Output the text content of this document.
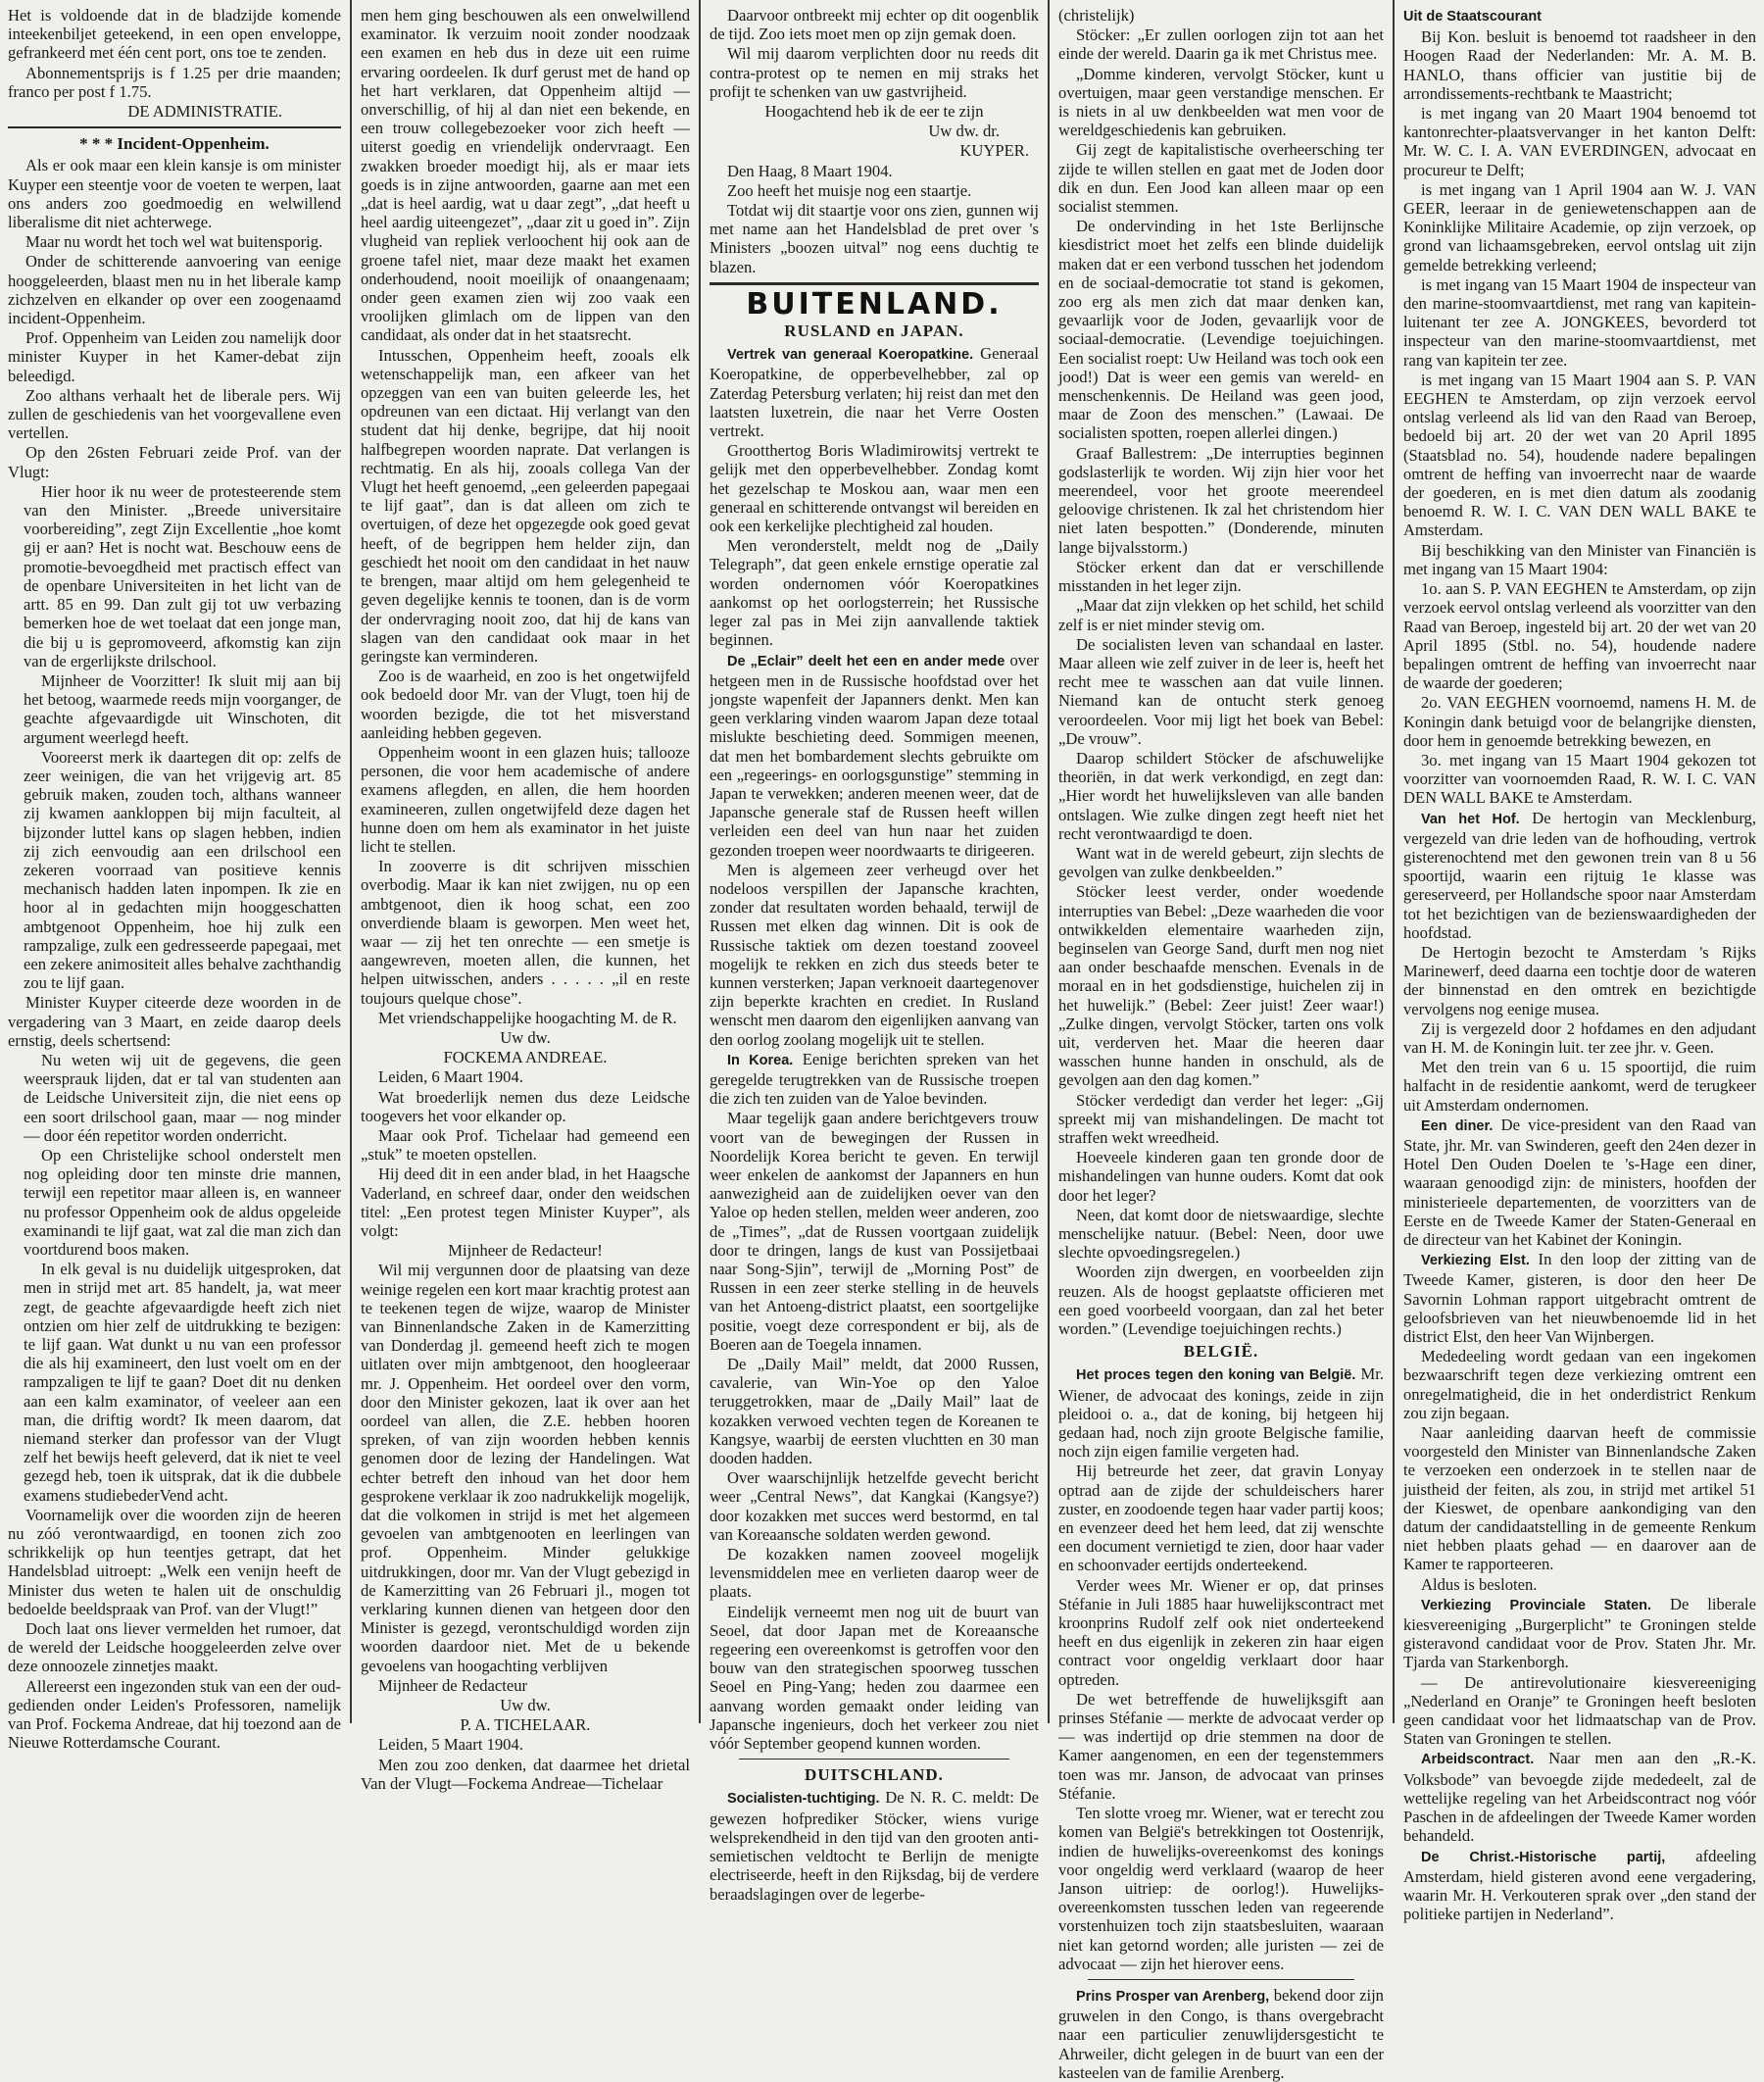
Het is voldoende dat in de bladzijde komende inteekenbiljet geteekend, in een open enveloppe, gefrankeerd met één cent port, ons toe te zenden.

Abonnementsprijs is f 1.25 per drie maanden; franco per post f 1.75.

DE ADMINISTRATIE.

* * * Incident-Oppenheim.

Als er ook maar een klein kansje is om minister Kuyper een steentje voor de voeten te werpen, laat ons anders zoo goedmoedig en welwillend liberalisme dit niet achterwege.

Maar nu wordt het toch wel wat buitensporig.

Onder de schitterende aanvoering van eenige hooggeleerden, blaast men nu in het liberale kamp zichzelven en elkander op over een zoogenaamd incident-Oppenheim.

Prof. Oppenheim van Leiden zou namelijk door minister Kuyper in het Kamer-debat zijn beleedigd.

Zoo althans verhaalt het de liberale pers. Wij zullen de geschiedenis van het voorgevallene even vertellen.

Op den 26sten Februari zeide Prof. van der Vlugt:

Hier hoor ik nu weer de protesteerende stem van den Minister. „Breede universitaire voorbereiding”, zegt Zijn Excellentie „hoe komt gij er aan? Het is nocht wat. Beschouw eens de promotie-bevoegdheid met practisch effect van de openbare Universiteiten in het licht van de artt. 85 en 99. Dan zult gij tot uw verbazing bemerken hoe de wet toelaat dat een jonge man, die bij u is gepromoveerd, afkomstig kan zijn van de ergerlijkste drilschool.

Mijnheer de Voorzitter! Ik sluit mij aan bij het betoog, waarmede reeds mijn voorganger, de geachte afgevaardigde uit Winschoten, dit argument weerlegd heeft.

Vooreerst merk ik daartegen dit op: zelfs de zeer weinigen, die van het vrijgevig art. 85 gebruik maken, zouden toch, althans wanneer zij kwamen aankloppen bij mijn faculteit, al bijzonder luttel kans op slagen hebben, indien zij zich eenvoudig aan een drilschool een zekeren voorraad van positieve kennis mechanisch hadden laten inpompen. Ik zie en hoor al in gedachten mijn hooggeschatten ambtgenoot Oppenheim, hoe hij zulk een rampzalige, zulk een gedresseerde papegaai, met een zekere animositeit alles behalve zachthandig zou te lijf gaan.

Minister Kuyper citeerde deze woorden in de vergadering van 3 Maart, en zeide daarop deels ernstig, deels schertsend:

Nu weten wij uit de gegevens, die geen weersprauk lijden, dat er tal van studenten aan de Leidsche Universiteit zijn, die niet eens op een soort drilschool gaan, maar — nog minder — door één repetitor worden onderricht.

Op een Christelijke school onderstelt men nog opleiding door ten minste drie mannen, terwijl een repetitor maar alleen is, en wanneer nu professor Oppenheim ook de aldus opgeleide examinandi te lijf gaat, wat zal die man zich dan voortdurend boos maken.

In elk geval is nu duidelijk uitgesproken, dat men in strijd met art. 85 handelt, ja, wat meer zegt, de geachte afgevaardigde heeft zich niet ontzien om hier zelf de uitdrukking te bezigen: te lijf gaan. Wat dunkt u nu van een professor die als hij examineert, den lust voelt om en der rampzaligen te lijf te gaan? Doet dit nu denken aan een kalm examinator, of veeleer aan een man, die driftig wordt? Ik meen daarom, dat niemand sterker dan professor van der Vlugt zelf het bewijs heeft geleverd, dat ik niet te veel gezegd heb, toen ik uitsprak, dat ik die dubbele examens studiebederVend acht.

Voornamelijk over die woorden zijn de heeren nu zóó verontwaardigd, en toonen zich zoo schrikkelijk op hun teentjes getrapt, dat het Handelsblad uitroept: „Welk een venijn heeft de Minister dus weten te halen uit de onschuldig bedoelde beeldspraak van Prof. van der Vlugt!”

Doch laat ons liever vermelden het rumoer, dat de wereld der Leidsche hooggeleerden zelve over deze onnoozele zinnetjes maakt.

Allereerst een ingezonden stuk van een der oud-gedienden onder Leiden's Professoren, namelijk van Prof. Fockema Andreae, dat hij toezond aan de Nieuwe Rotterdamsche Courant.

men hem ging beschouwen als een onwelwillend examinator. Ik verzuim nooit zonder noodzaak een examen en heb dus in deze uit een ruime ervaring oordeelen. Ik durf gerust met de hand op het hart verklaren, dat Oppenheim altijd — onverschillig, of hij al dan niet een bekende, en een trouw collegebezoeker voor zich heeft — uiterst goedig en vriendelijk ondervraagt. Een zwakken broeder moedigt hij, als er maar iets goeds is in zijne antwoorden, gaarne aan met een „dat is heel aardig, wat u daar zegt”, „dat heeft u heel aardig uiteengezet”, „daar zit u goed in”. Zijn vlugheid van repliek verloochent hij ook aan de groene tafel niet, maar deze maakt het examen onderhoudend, nooit moeilijk of onaangenaam; onder geen examen zien wij zoo vaak een vroolijken glimlach om de lippen van den candidaat, als onder dat in het staatsrecht.

Intusschen, Oppenheim heeft, zooals elk wetenschappelijk man, een afkeer van het opzeggen van een van buiten geleerde les, het opdreunen van een dictaat. Hij verlangt van den student dat hij denke, begrijpe, dat hij nooit halfbegrepen woorden naprate. Dat verlangen is rechtmatig. En als hij, zooals collega Van der Vlugt het heeft genoemd, „een geleerden papegaai te lijf gaat”, dan is dat alleen om zich te overtuigen, of deze het opgezegde ook goed gevat heeft, of de begrippen hem helder zijn, dan geschiedt het nooit om den candidaat in het nauw te brengen, maar altijd om hem gelegenheid te geven degelijke kennis te toonen, dan is de vorm der ondervraging nooit zoo, dat hij de kans van slagen van den candidaat ook maar in het geringste kan verminderen.

Zoo is de waarheid, en zoo is het ongetwijfeld ook bedoeld door Mr. van der Vlugt, toen hij de woorden bezigde, die tot het misverstand aanleiding hebben gegeven.

Oppenheim woont in een glazen huis; tallooze personen, die voor hem academische of andere examens aflegden, en allen, die hem hoorden examineeren, zullen ongetwijfeld deze dagen het hunne doen om hem als examinator in het juiste licht te stellen.

In zooverre is dit schrijven misschien overbodig. Maar ik kan niet zwijgen, nu op een ambtgenoot, dien ik hoog schat, een zoo onverdiende blaam is geworpen. Men weet het, waar — zij het ten onrechte — een smetje is aangewreven, moeten allen, die kunnen, het helpen uitwisschen, anders . . . . . „il en reste toujours quelque chose”.

Met vriendschappelijke hoogachting M. de R.

Uw dw.

FOCKEMA ANDREAE.

Leiden, 6 Maart 1904.

Wat broederlijk nemen dus deze Leidsche toogevers het voor elkander op.

Maar ook Prof. Tichelaar had gemeend een „stuk” te moeten opstellen.

Hij deed dit in een ander blad, in het Haagsche Vaderland, en schreef daar, onder den weidschen titel: „Een protest tegen Minister Kuyper”, als volgt:

Mijnheer de Redacteur!

Wil mij vergunnen door de plaatsing van deze weinige regelen een kort maar krachtig protest aan te teekenen tegen de wijze, waarop de Minister van Binnenlandsche Zaken in de Kamerzitting van Donderdag jl. gemeend heeft zich te mogen uitlaten over mijn ambtgenoot, den hoogleeraar mr. J. Oppenheim. Het oordeel over den vorm, door den Minister gekozen, laat ik over aan het oordeel van allen, die Z.E. hebben hooren spreken, of van zijn woorden hebben kennis genomen door de lezing der Handelingen. Wat echter betreft den inhoud van het door hem gesprokene verklaar ik zoo nadrukkelijk mogelijk, dat die volkomen in strijd is met het algemeen gevoelen van ambtgenooten en leerlingen van prof. Oppenheim. Minder gelukkige uitdrukkingen, door mr. Van der Vlugt gebezigd in de Kamerzitting van 26 Februari jl., mogen tot verklaring kunnen dienen van hetgeen door den Minister is gezegd, verontschuldigd worden zijn woorden daardoor niet. Met de u bekende gevoelens van hoogachting verblijven

Mijnheer de Redacteur

Uw dw.

P. A. TICHELAAR.

Leiden, 5 Maart 1904.

Men zou zoo denken, dat daarmee het drietal Van der Vlugt—Fockema Andreae—Tichelaar

Daarvoor ontbreekt mij echter op dit oogenblik de tijd. Zoo iets moet men op zijn gemak doen.

Wil mij daarom verplichten door nu reeds dit contra-protest op te nemen en mij straks het profijt te schenken van uw gastvrijheid.

Hoogachtend heb ik de eer te zijn

Uw dw. dr.

KUYPER.

Den Haag, 8 Maart 1904.

Zoo heeft het muisje nog een staartje.

Totdat wij dit staartje voor ons zien, gunnen wij met name aan het Handelsblad de pret over 's Ministers „boozen uitval” nog eens duchtig te blazen.

BUITENLAND.
RUSLAND en JAPAN.

Vertrek van generaal Koeropatkine. Generaal Koeropatkine, de opperbevelhebber, zal op Zaterdag Petersburg verlaten; hij reist dan met den laatsten luxetrein, die naar het Verre Oosten vertrekt.

Grootthertog Boris Wladimirowitsj vertrekt te gelijk met den opperbevelhebber. Zondag komt het gezelschap te Moskou aan, waar men een generaal en schitterende ontvangst wil bereiden en ook een kerkelijke plechtigheid zal houden.

Men veronderstelt, meldt nog de „Daily Telegraph”, dat geen enkele ernstige operatie zal worden ondernomen vóór Koeropatkines aankomst op het oorlogsterrein; het Russische leger zal pas in Mei zijn aanvallende taktiek beginnen.

De „Eclair” deelt het een en ander mede over hetgeen men in de Russische hoofdstad over het jongste wapenfeit der Japanners denkt. Men kan geen verklaring vinden waarom Japan deze totaal mislukte beschieting deed. Sommigen meenen, dat men het bombardement slechts gebruikte om een „regeerings- en oorlogsgunstige” stemming in Japan te verwekken; anderen meenen weer, dat de Japansche generale staf de Russen heeft willen verleiden een deel van hun naar het zuiden gezonden troepen weer noordwaarts te dirigeeren.

Men is algemeen zeer verheugd over het nodeloos verspillen der Japansche krachten, zonder dat resultaten worden behaald, terwijl de Russen met elken dag winnen. Dit is ook de Russische taktiek om dezen toestand zooveel mogelijk te rekken en zich dus steeds beter te kunnen versterken; Japan verknoeit daartegenover zijn beperkte krachten en crediet. In Rusland wenscht men daarom den eigenlijken aanvang van den oorlog zoolang mogelijk uit te stellen.

In Korea. Eenige berichten spreken van het geregelde terugtrekken van de Russische troepen die zich ten zuiden van de Yaloe bevinden.

Maar tegelijk gaan andere berichtgevers trouw voort van de bewegingen der Russen in Noordelijk Korea bericht te geven. En terwijl weer enkelen de aankomst der Japanners en hun aanwezigheid aan de zuidelijken oever van den Yaloe op heden stellen, melden weer anderen, zoo de „Times”, „dat de Russen voortgaan zuidelijk door te dringen, langs de kust van Possijetbaai naar Song-Sjin”, terwijl de „Morning Post” de Russen in een zeer sterke stelling in de heuvels van het Antoeng-district plaatst, een soortgelijke positie, voegt deze correspondent er bij, als de Boeren aan de Toegela innamen.

De „Daily Mail” meldt, dat 2000 Russen, cavalerie, van Win-Yoe op den Yaloe teruggetrokken, maar de „Daily Mail” laat de kozakken verwoed vechten tegen de Koreanen te Kangsye, waarbij de eersten vluchtten en 30 man dooden hadden.

Over waarschijnlijk hetzelfde gevecht bericht weer „Central News”, dat Kangkai (Kangsye?) door kozakken met succes werd bestormd, en tal van Koreaansche soldaten werden gewond.

De kozakken namen zooveel mogelijk levensmiddelen mee en verlieten daarop weer de plaats.

Eindelijk verneemt men nog uit de buurt van Seoel, dat door Japan met de Koreaansche regeering een overeenkomst is getroffen voor den bouw van den strategischen spoorweg tusschen Seoel en Ping-Yang; heden zou daarmee een aanvang worden gemaakt onder leiding van Japansche ingenieurs, doch het verkeer zou niet vóór September geopend kunnen worden.

DUITSCHLAND.

Socialisten-tuchtiging. De N. R. C. meldt: De gewezen hofprediker Stöcker, wiens vurige welsprekendheid in den tijd van den grooten anti-semietischen veldtocht te Berlijn de menigte electriseerde, heeft in den Rijksdag, bij de verdere beraadslagingen over de legerbe-

(christelijk)

Stöcker: „Er zullen oorlogen zijn tot aan het einde der wereld. Daarin ga ik met Christus mee.

„Domme kinderen, vervolgt Stöcker, kunt u overtuigen, maar geen verstandige menschen. Er is niets in al uw denkbeelden wat men voor de wereldgeschiedenis kan gebruiken.

Gij zegt de kapitalistische overheersching ter zijde te willen stellen en gaat met de Joden door dik en dun. Een Jood kan alleen maar op een socialist stemmen.

De ondervinding in het 1ste Berlijnsche kiesdistrict moet het zelfs een blinde duidelijk maken dat er een verbond tusschen het jodendom en de sociaal-democratie tot stand is gekomen, zoo erg als men zich dat maar denken kan, gevaarlijk voor de Joden, gevaarlijk voor de sociaal-democratie. (Levendige toejuichingen. Een socialist roept: Uw Heiland was toch ook een jood!) Dat is weer een gemis van wereld- en menschenkennis. De Heiland was geen jood, maar de Zoon des menschen.” (Lawaai. De socialisten spotten, roepen allerlei dingen.)

Graaf Ballestrem: „De interrupties beginnen godslasterlijk te worden. Wij zijn hier voor het meerendeel, voor het groote meerendeel geloovige christenen. Ik zal het christendom hier niet laten bespotten.” (Donderende, minuten lange bijvalsstorm.)

Stöcker erkent dan dat er verschillende misstanden in het leger zijn.

„Maar dat zijn vlekken op het schild, het schild zelf is er niet minder stevig om.

De socialisten leven van schandaal en laster. Maar alleen wie zelf zuiver in de leer is, heeft het recht mee te wasschen aan dat vuile linnen. Niemand kan de ontucht sterk genoeg veroordeelen. Voor mij ligt het boek van Bebel: „De vrouw”.

Daarop schildert Stöcker de afschuwelijke theoriën, in dat werk verkondigd, en zegt dan: „Hier wordt het huwelijksleven van alle banden ontslagen. Wie zulke dingen zegt heeft niet het recht verontwaardigd te doen.

Want wat in de wereld gebeurt, zijn slechts de gevolgen van zulke denkbeelden.”

Stöcker leest verder, onder woedende interrupties van Bebel: „Deze waarheden die voor ontwikkelden elementaire waarheden zijn, beginselen van George Sand, durft men nog niet aan onder beschaafde menschen. Evenals in de moraal en in het godsdienstige, huichelen zij in het huwelijk.” (Bebel: Zeer juist! Zeer waar!) „Zulke dingen, vervolgt Stöcker, tarten ons volk uit, verderven het. Maar die heeren daar wasschen hunne handen in onschuld, als de gevolgen aan den dag komen.”

Stöcker verdedigt dan verder het leger: „Gij spreekt mij van mishandelingen. De macht tot straffen wekt wreedheid.

Hoeveele kinderen gaan ten gronde door de mishandelingen van hunne ouders. Komt dat ook door het leger?

Neen, dat komt door de nietswaardige, slechte menschelijke natuur. (Bebel: Neen, door uwe slechte opvoedingsregelen.)

Woorden zijn dwergen, en voorbeelden zijn reuzen. Als de hoogst geplaatste officieren met een goed voorbeeld voorgaan, dan zal het beter worden.” (Levendige toejuichingen rechts.)

BELGIË.

Het proces tegen den koning van België. Mr. Wiener, de advocaat des konings, zeide in zijn pleidooi o. a., dat de koning, bij hetgeen hij gedaan had, noch zijn groote Belgische familie, noch zijn eigen familie vergeten had.

Hij betreurde het zeer, dat gravin Lonyay optrad aan de zijde der schuldeischers harer zuster, en zoodoende tegen haar vader partij koos; en evenzeer deed het hem leed, dat zij wenschte een document vernietigd te zien, door haar vader en schoonvader eertijds onderteekend.

Verder wees Mr. Wiener er op, dat prinses Stéfanie in Juli 1885 haar huwelijkscontract met kroonprins Rudolf zelf ook niet onderteekend heeft en dus eigenlijk in zekeren zin haar eigen contract voor ongeldig verklaart door haar optreden.

De wet betreffende de huwelijksgift aan prinses Stéfanie — merkte de advocaat verder op — was indertijd op drie stemmen na door de Kamer aangenomen, en een der tegenstemmers toen was mr. Janson, de advocaat van prinses Stéfanie.

Ten slotte vroeg mr. Wiener, wat er terecht zou komen van België's betrekkingen tot Oostenrijk, indien de huwelijks-overeenkomst des konings voor ongeldig werd verklaard (waarop de heer Janson uitriep: de oorlog!). Huwelijks-overeenkomsten tusschen leden van regeerende vorstenhuizen toch zijn staatsbesluiten, waaraan niet kan getornd worden; alle juristen — zei de advocaat — zijn het hierover eens.

Prins Prosper van Arenberg, bekend door zijn gruwelen in den Congo, is thans overgebracht naar een particulier zenuwlijdersgesticht te Ahrweiler, dicht gelegen in de buurt van een der kasteelen van de familie Arenberg.

Uit de Staatscourant

Bij Kon. besluit is benoemd tot raadsheer in den Hoogen Raad der Nederlanden: Mr. A. M. B. HANLO, thans officier van justitie bij de arrondissements-rechtbank te Maastricht;

is met ingang van 20 Maart 1904 benoemd tot kantonrechter-plaatsvervanger in het kanton Delft: Mr. W. C. I. A. VAN EVERDINGEN, advocaat en procureur te Delft;

is met ingang van 1 April 1904 aan W. J. VAN GEER, leeraar in de geniewetenschappen aan de Koninklijke Militaire Academie, op zijn verzoek, op grond van lichaamsgebreken, eervol ontslag uit zijn gemelde betrekking verleend;

is met ingang van 15 Maart 1904 de inspecteur van den marine-stoomvaartdienst, met rang van kapitein-luitenant ter zee A. JONGKEES, bevorderd tot inspecteur van den marine-stoomvaartdienst, met rang van kapitein ter zee.

is met ingang van 15 Maart 1904 aan S. P. VAN EEGHEN te Amsterdam, op zijn verzoek eervol ontslag verleend als lid van den Raad van Beroep, bedoeld bij art. 20 der wet van 20 April 1895 (Staatsblad no. 54), houdende nadere bepalingen omtrent de heffing van invoerrecht naar de waarde der goederen, en is met dien datum als zoodanig benoemd R. W. I. C. VAN DEN WALL BAKE te Amsterdam.

Bij beschikking van den Minister van Financiën is met ingang van 15 Maart 1904:

1o. aan S. P. VAN EEGHEN te Amsterdam, op zijn verzoek eervol ontslag verleend als voorzitter van den Raad van Beroep, ingesteld bij art. 20 der wet van 20 April 1895 (Stbl. no. 54), houdende nadere bepalingen omtrent de heffing van invoerrecht naar de waarde der goederen;

2o. VAN EEGHEN voornoemd, namens H. M. de Koningin dank betuigd voor de belangrijke diensten, door hem in genoemde betrekking bewezen, en

3o. met ingang van 15 Maart 1904 gekozen tot voorzitter van voornoemden Raad, R. W. I. C. VAN DEN WALL BAKE te Amsterdam.

Van het Hof. De hertogin van Mecklenburg, vergezeld van drie leden van de hofhouding, vertrok gisterenochtend met den gewonen trein van 8 u 56 spoortijd, waarin een rijtuig 1e klasse was gereserveerd, per Hollandsche spoor naar Amsterdam tot het bezichtigen van de bezienswaardigheden der hoofdstad.

De Hertogin bezocht te Amsterdam 's Rijks Marinewerf, deed daarna een tochtje door de wateren der binnenstad en den omtrek en bezichtigde vervolgens nog eenige musea.

Zij is vergezeld door 2 hofdames en den adjudant van H. M. de Koningin luit. ter zee jhr. v. Geen.

Met den trein van 6 u. 15 spoortijd, die ruim halfacht in de residentie aankomt, werd de terugkeer uit Amsterdam ondernomen.

Een diner. De vice-president van den Raad van State, jhr. Mr. van Swinderen, geeft den 24en dezer in Hotel Den Ouden Doelen te 's-Hage een diner, waaraan genoodigd zijn: de ministers, hoofden der ministerieele departementen, de voorzitters van de Eerste en de Tweede Kamer der Staten-Generaal en de directeur van het Kabinet der Koningin.

Verkiezing Elst. In den loop der zitting van de Tweede Kamer, gisteren, is door den heer De Savornin Lohman rapport uitgebracht omtrent de geloofsbrieven van het nieuwbenoemde lid in het district Elst, den heer Van Wijnbergen.

Mededeeling wordt gedaan van een ingekomen bezwaarschrift tegen deze verkiezing omtrent een onregelmatigheid, die in het onderdistrict Renkum zou zijn begaan.

Naar aanleiding daarvan heeft de commissie voorgesteld den Minister van Binnenlandsche Zaken te verzoeken een onderzoek in te stellen naar de juistheid der feiten, als zou, in strijd met artikel 51 der Kieswet, de openbare aankondiging van den datum der candidaatstelling in de gemeente Renkum niet hebben plaats gehad — en daarover aan de Kamer te rapporteeren.

Aldus is besloten.

Verkiezing Provinciale Staten. De liberale kiesvereeniging „Burgerplicht” te Groningen stelde gisteravond candidaat voor de Prov. Staten Jhr. Mr. Tjarda van Starkenborgh.

— De antirevolutionaire kiesvereeniging „Nederland en Oranje” te Groningen heeft besloten geen candidaat voor het lidmaatschap van de Prov. Staten van Groningen te stellen.

Arbeidscontract. Naar men aan den „R.-K. Volksbode” van bevoegde zijde mededeelt, zal de wettelijke regeling van het Arbeidscontract nog vóór Paschen in de afdeelingen der Tweede Kamer worden behandeld.

De Christ.-Historische partij, afdeeling Amsterdam, hield gisteren avond eene vergadering, waarin Mr. H. Verkouteren sprak over „den stand der politieke partijen in Nederland”.
